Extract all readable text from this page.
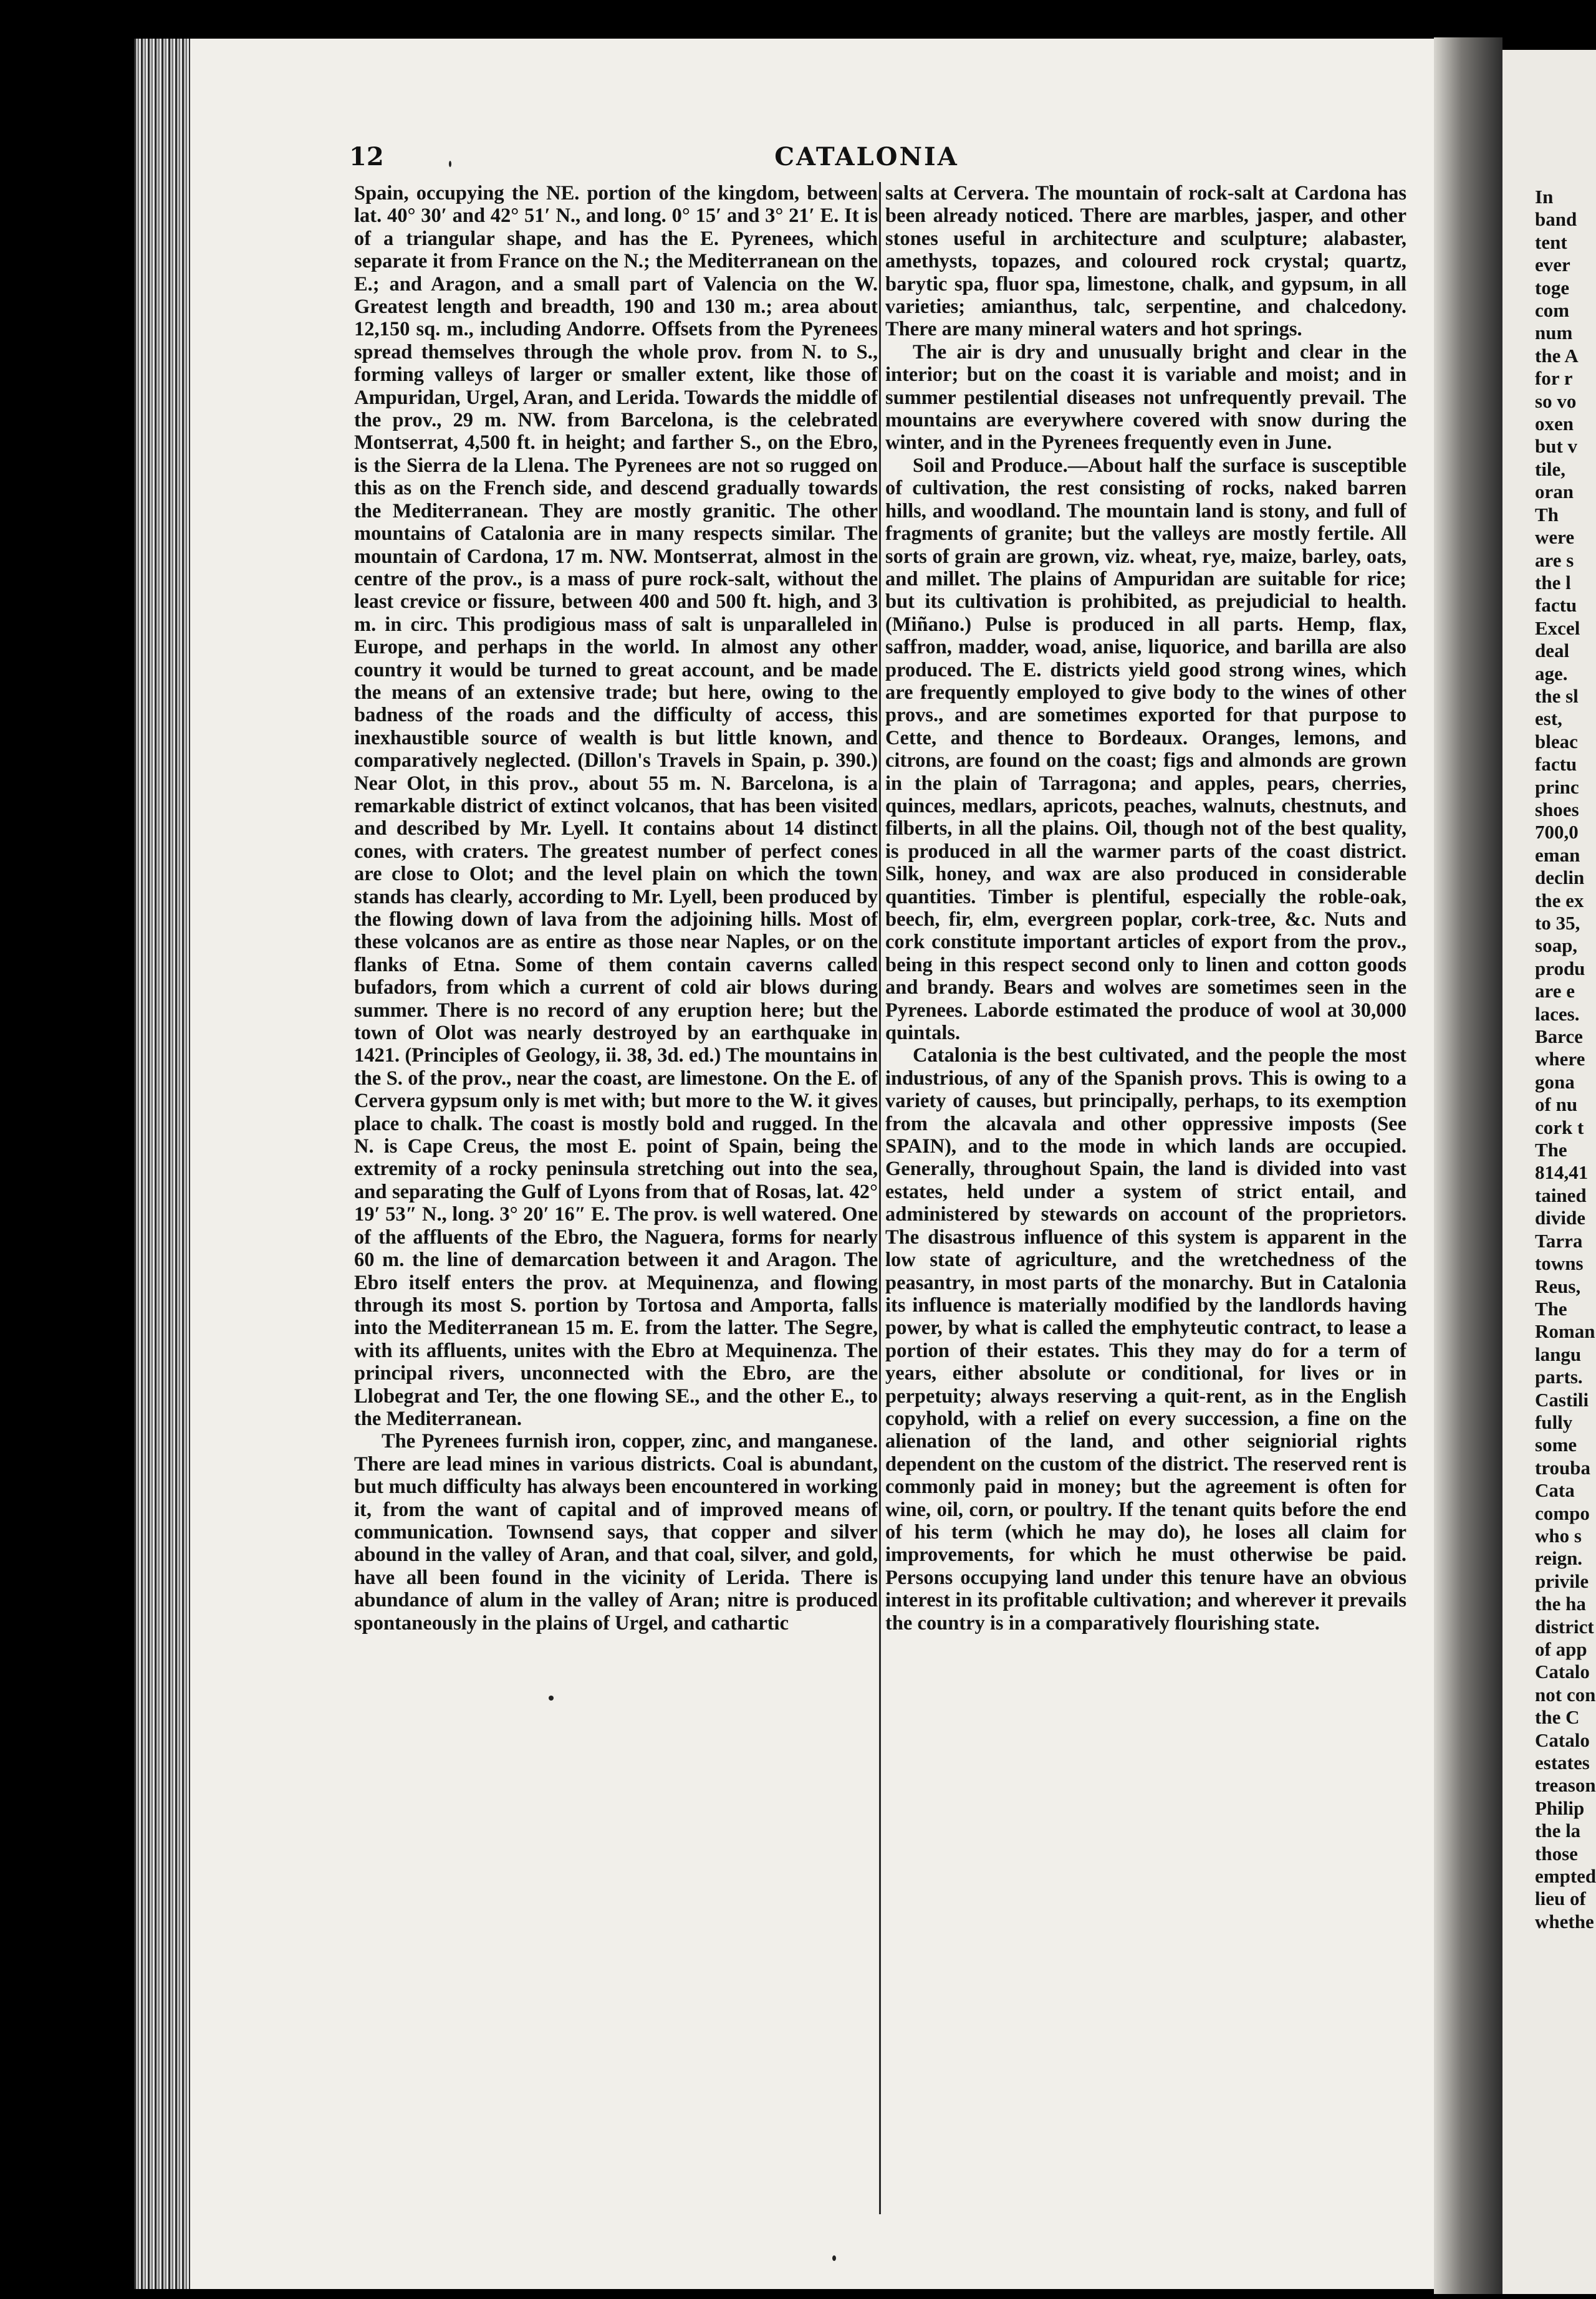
In
band
tent
ever
toge
com
num
the A
for r
so vo
oxen
but v
tile,
oran
Th
were
are s
the l
factu
Excel
deal
age.
the sl
est,
bleac
factu
princ
shoes
700,0
eman
declin
the ex
to 35,
soap,
produ
are e
laces.
Barce
where
gona
of nu
cork t
The
814,41
tained
divide
Tarra
towns
Reus,
The
Roman
langu
parts.
Castili
fully
some
trouba
Cata
compo
who s
reign.
privile
the ha
district
of app
Catalo
not con
the C
Catalo
estates
treason
Philip
the la
those
empted
lieu of
whethe
12	CATALONIA

Spain, occupying the NE. portion of the kingdom, between lat. 40° 30′ and 42° 51′ N., and long. 0° 15′ and 3° 21′ E. It is of a triangular shape, and has the E. Pyrenees, which separate it from France on the N.; the Mediterranean on the E.; and Aragon, and a small part of Valencia on the W. Greatest length and breadth, 190 and 130 m.; area about 12,150 sq. m., including Andorre. Offsets from the Pyrenees spread themselves through the whole prov. from N. to S., forming valleys of larger or smaller extent, like those of Ampuridan, Urgel, Aran, and Lerida. Towards the middle of the prov., 29 m. NW. from Barcelona, is the celebrated Montserrat, 4,500 ft. in height; and farther S., on the Ebro, is the Sierra de la Llena. The Pyrenees are not so rugged on this as on the French side, and descend gradually towards the Mediterranean. They are mostly granitic. The other mountains of Catalonia are in many respects similar. The mountain of Cardona, 17 m. NW. Montserrat, almost in the centre of the prov., is a mass of pure rock-salt, without the least crevice or fissure, between 400 and 500 ft. high, and 3 m. in circ. This prodigious mass of salt is unparalleled in Europe, and perhaps in the world. In almost any other country it would be turned to great account, and be made the means of an extensive trade; but here, owing to the badness of the roads and the difficulty of access, this inexhaustible source of wealth is but little known, and comparatively neglected. (Dillon's Travels in Spain, p. 390.) Near Olot, in this prov., about 55 m. N. Barcelona, is a remarkable district of extinct volcanos, that has been visited and described by Mr. Lyell. It contains about 14 distinct cones, with craters. The greatest number of perfect cones are close to Olot; and the level plain on which the town stands has clearly, according to Mr. Lyell, been produced by the flowing down of lava from the adjoining hills. Most of these volcanos are as entire as those near Naples, or on the flanks of Etna. Some of them contain caverns called bufadors, from which a current of cold air blows during summer. There is no record of any eruption here; but the town of Olot was nearly destroyed by an earthquake in 1421. (Principles of Geology, ii. 38, 3d. ed.) The mountains in the S. of the prov., near the coast, are limestone. On the E. of Cervera gypsum only is met with; but more to the W. it gives place to chalk. The coast is mostly bold and rugged. In the N. is Cape Creus, the most E. point of Spain, being the extremity of a rocky peninsula stretching out into the sea, and separating the Gulf of Lyons from that of Rosas, lat. 42° 19′ 53″ N., long. 3° 20′ 16″ E. The prov. is well watered. One of the affluents of the Ebro, the Naguera, forms for nearly 60 m. the line of demarcation between it and Aragon. The Ebro itself enters the prov. at Mequinenza, and flowing through its most S. portion by Tortosa and Amporta, falls into the Mediterranean 15 m. E. from the latter. The Segre, with its affluents, unites with the Ebro at Mequinenza. The principal rivers, unconnected with the Ebro, are the Llobegrat and Ter, the one flowing SE., and the other E., to the Mediterranean.

The Pyrenees furnish iron, copper, zinc, and manganese. There are lead mines in various districts. Coal is abundant, but much difficulty has always been encountered in working it, from the want of capital and of improved means of communication. Townsend says, that copper and silver abound in the valley of Aran, and that coal, silver, and gold, have all been found in the vicinity of Lerida. There is abundance of alum in the valley of Aran; nitre is produced spontaneously in the plains of Urgel, and cathartic

salts at Cervera. The mountain of rock-salt at Cardona has been already noticed. There are marbles, jasper, and other stones useful in architecture and sculpture; alabaster, amethysts, topazes, and coloured rock crystal; quartz, barytic spa, fluor spa, limestone, chalk, and gypsum, in all varieties; amianthus, talc, serpentine, and chalcedony. There are many mineral waters and hot springs.

The air is dry and unusually bright and clear in the interior; but on the coast it is variable and moist; and in summer pestilential diseases not unfrequently prevail. The mountains are everywhere covered with snow during the winter, and in the Pyrenees frequently even in June.

Soil and Produce.—About half the surface is susceptible of cultivation, the rest consisting of rocks, naked barren hills, and woodland. The mountain land is stony, and full of fragments of granite; but the valleys are mostly fertile. All sorts of grain are grown, viz. wheat, rye, maize, barley, oats, and millet. The plains of Ampuridan are suitable for rice; but its cultivation is prohibited, as prejudicial to health. (Miñano.) Pulse is produced in all parts. Hemp, flax, saffron, madder, woad, anise, liquorice, and barilla are also produced. The E. districts yield good strong wines, which are frequently employed to give body to the wines of other provs., and are sometimes exported for that purpose to Cette, and thence to Bordeaux. Oranges, lemons, and citrons, are found on the coast; figs and almonds are grown in the plain of Tarragona; and apples, pears, cherries, quinces, medlars, apricots, peaches, walnuts, chestnuts, and filberts, in all the plains. Oil, though not of the best quality, is produced in all the warmer parts of the coast district. Silk, honey, and wax are also produced in considerable quantities. Timber is plentiful, especially the roble-oak, beech, fir, elm, evergreen poplar, cork-tree, &c. Nuts and cork constitute important articles of export from the prov., being in this respect second only to linen and cotton goods and brandy. Bears and wolves are sometimes seen in the Pyrenees. Laborde estimated the produce of wool at 30,000 quintals.

Catalonia is the best cultivated, and the people the most industrious, of any of the Spanish provs. This is owing to a variety of causes, but principally, perhaps, to its exemption from the alcavala and other oppressive imposts (See SPAIN), and to the mode in which lands are occupied. Generally, throughout Spain, the land is divided into vast estates, held under a system of strict entail, and administered by stewards on account of the proprietors. The disastrous influence of this system is apparent in the low state of agriculture, and the wretchedness of the peasantry, in most parts of the monarchy. But in Catalonia its influence is materially modified by the landlords having power, by what is called the emphyteutic contract, to lease a portion of their estates. This they may do for a term of years, either absolute or conditional, for lives or in perpetuity; always reserving a quit-rent, as in the English copyhold, with a relief on every succession, a fine on the alienation of the land, and other seigniorial rights dependent on the custom of the district. The reserved rent is commonly paid in money; but the agreement is often for wine, oil, corn, or poultry. If the tenant quits before the end of his term (which he may do), he loses all claim for improvements, for which he must otherwise be paid. Persons occupying land under this tenure have an obvious interest in its profitable cultivation; and wherever it prevails the country is in a comparatively flourishing state.
